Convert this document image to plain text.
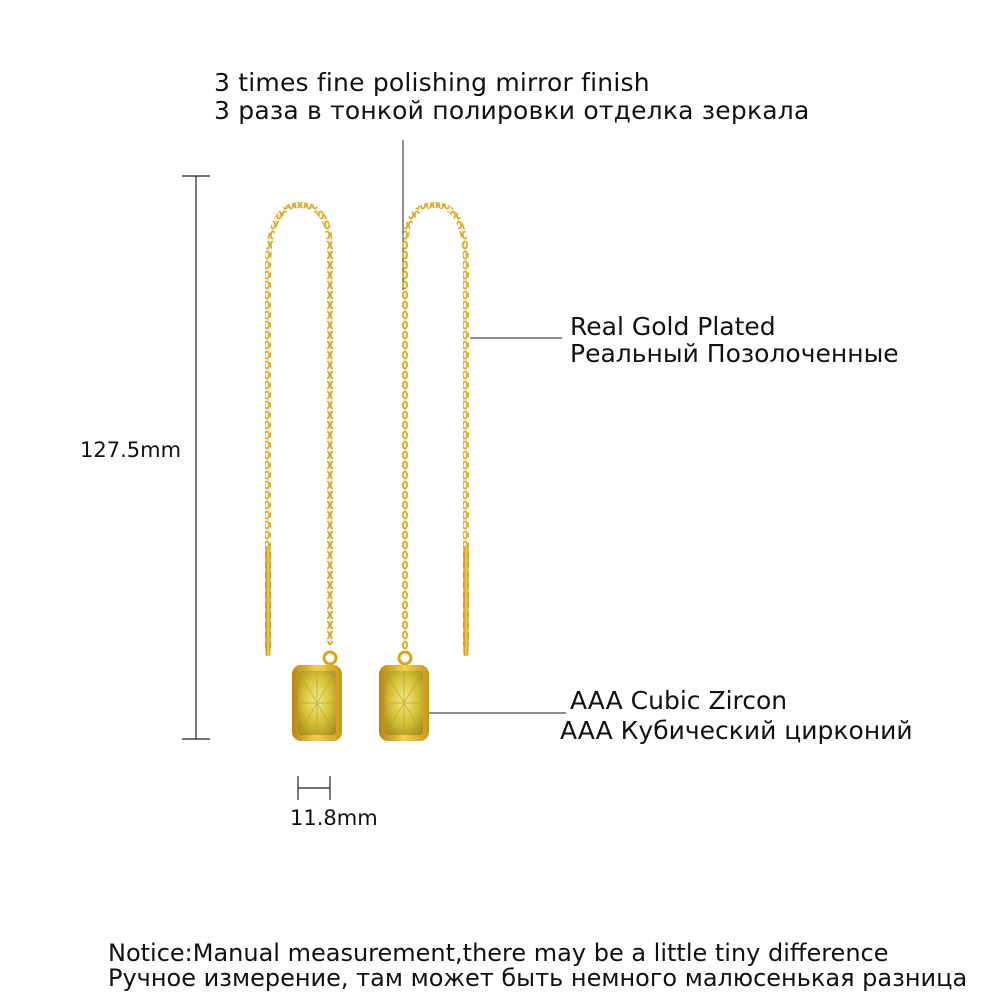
3 times fine polishing mirror finish
3 раза в тонкой полировки отделка зеркала
Real Gold Plated
Реальный Позолоченные
AAA Cubic Zircon
AAA Кубический цирконий
127.5mm
11.8mm
Notice:Manual measurement,there may be a little tiny difference
Ручное измерение, там может быть немного малюсенькая разница
